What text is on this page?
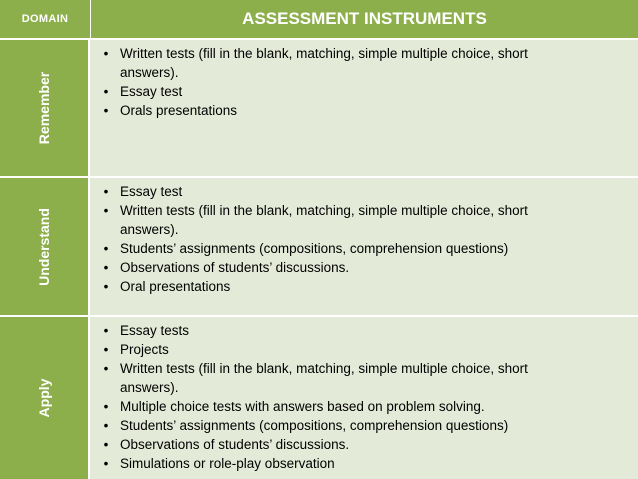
DOMAIN	ASSESSMENT INSTRUMENTS
Remember
• Written tests (fill in the blank, matching, simple multiple choice, short answers).
• Essay test
• Orals presentations
Understand
• Essay test
• Written tests (fill in the blank, matching, simple multiple choice, short answers).
• Students’ assignments (compositions, comprehension questions)
• Observations of students’ discussions.
• Oral presentations
Apply
• Essay tests
• Projects
• Written tests (fill in the blank, matching, simple multiple choice, short answers).
• Multiple choice tests with answers based on problem solving.
• Students’ assignments (compositions, comprehension questions)
• Observations of students’ discussions.
• Simulations or role-play observation
